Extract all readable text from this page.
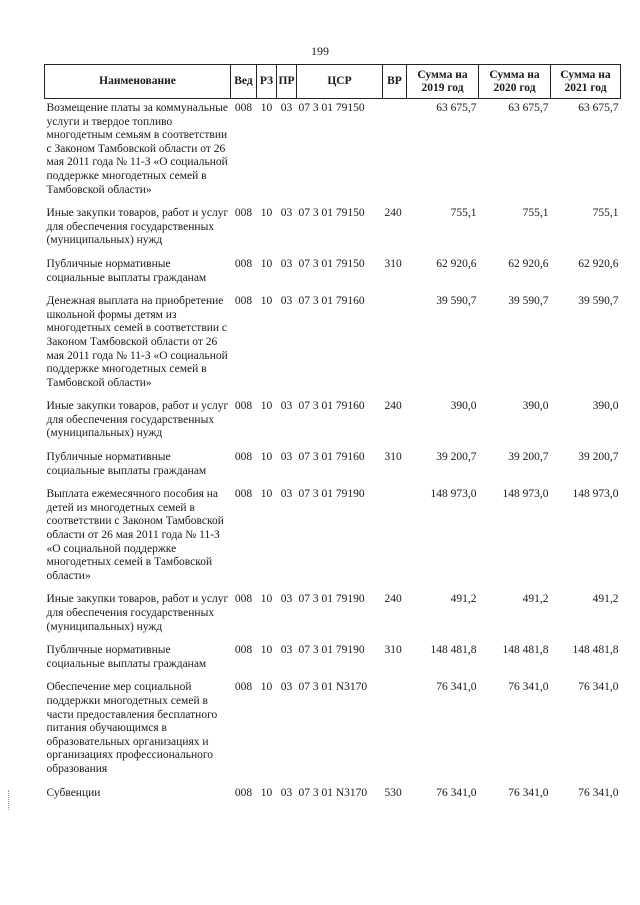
199
Наименование	Вед	РЗ	ПР	ЦСР	ВР	Сумма на 2019 год	Сумма на 2020 год	Сумма на 2021 год
Возмещение платы за коммунальные услуги и твердое топливо многодетным семьям в соответствии с Законом Тамбовской области от 26 мая 2011 года № 11-З «О социальной поддержке многодетных семей в Тамбовской области»	008	10	03	07 3 01 79150		63 675,7	63 675,7	63 675,7

Иные закупки товаров, работ и услуг для обеспечения государственных (муниципальных) нужд	008	10	03	07 3 01 79150	240	755,1	755,1	755,1

Публичные нормативные социальные выплаты гражданам	008	10	03	07 3 01 79150	310	62 920,6	62 920,6	62 920,6

Денежная выплата на приобретение школьной формы детям из многодетных семей в соответствии с Законом Тамбовской области от 26 мая 2011 года № 11-З «О социальной поддержке многодетных семей в Тамбовской области»	008	10	03	07 3 01 79160		39 590,7	39 590,7	39 590,7

Иные закупки товаров, работ и услуг для обеспечения государственных (муниципальных) нужд	008	10	03	07 3 01 79160	240	390,0	390,0	390,0

Публичные нормативные социальные выплаты гражданам	008	10	03	07 3 01 79160	310	39 200,7	39 200,7	39 200,7

Выплата ежемесячного пособия на детей из многодетных семей в соответствии с Законом Тамбовской области от 26 мая 2011 года № 11-З «О социальной поддержке многодетных семей в Тамбовской области»	008	10	03	07 3 01 79190		148 973,0	148 973,0	148 973,0

Иные закупки товаров, работ и услуг для обеспечения государственных (муниципальных) нужд	008	10	03	07 3 01 79190	240	491,2	491,2	491,2

Публичные нормативные социальные выплаты гражданам	008	10	03	07 3 01 79190	310	148 481,8	148 481,8	148 481,8

Обеспечение мер социальной поддержки многодетных семей в части предоставления бесплатного питания обучающимся в образовательных организациях и организациях профессионального образования	008	10	03	07 3 01 N3170		76 341,0	76 341,0	76 341,0

Субвенции	008	10	03	07 3 01 N3170	530	76 341,0	76 341,0	76 341,0
